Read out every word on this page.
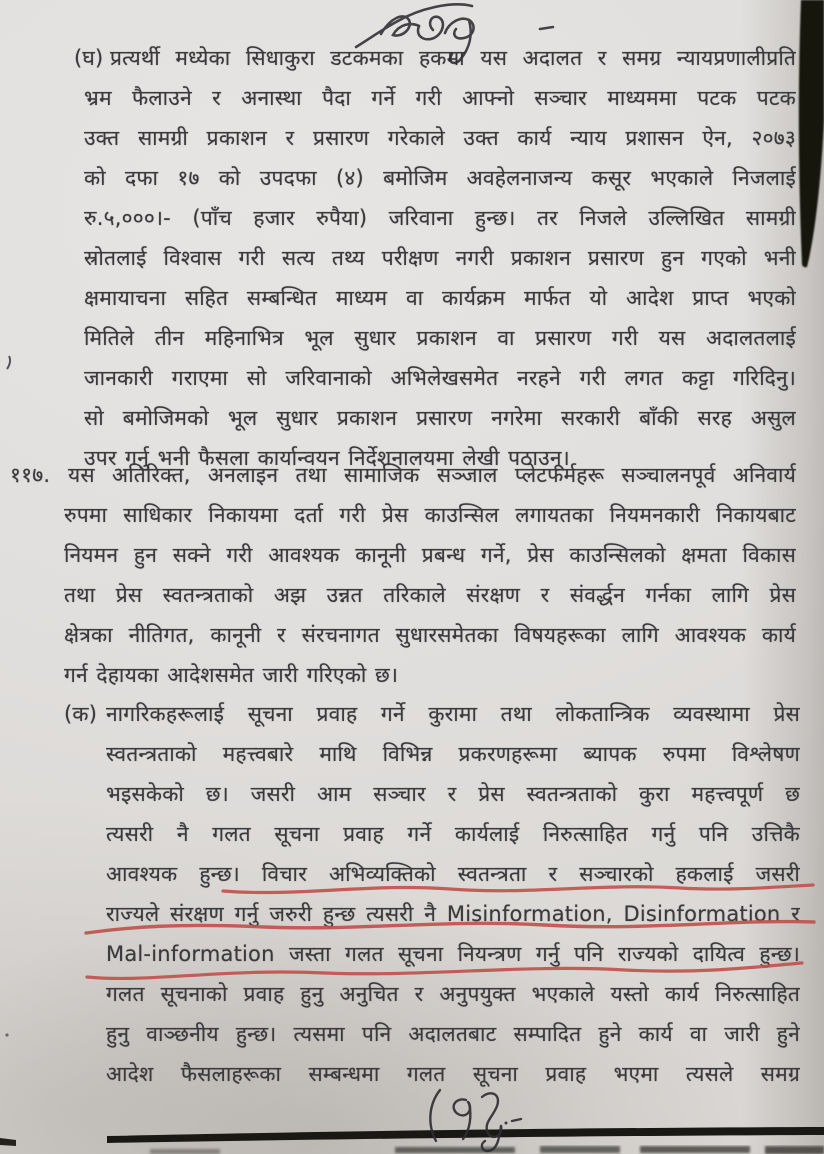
(घ) प्रत्यर्थी मध्येका सिधाकुरा डटकमका हकमा यस अदालत र समग्र न्यायप्रणालीप्रति
भ्रम फैलाउने र अनास्था पैदा गर्ने गरी आफ्नो सञ्चार माध्यममा पटक पटक
उक्त सामग्री प्रकाशन र प्रसारण गरेकाले उक्त कार्य न्याय प्रशासन ऐन, २०७३
को दफा १७ को उपदफा (४) बमोजिम अवहेलनाजन्य कसूर भएकाले निजलाई
रु.५,०००।- (पाँच हजार रुपैया) जरिवाना हुन्छ। तर निजले उल्लिखित सामग्री
स्रोतलाई विश्वास गरी सत्य तथ्य परीक्षण नगरी प्रकाशन प्रसारण हुन गएको भनी
क्षमायाचना सहित सम्बन्धित माध्यम वा कार्यक्रम मार्फत यो आदेश प्राप्त भएको
मितिले तीन महिनाभित्र भूल सुधार प्रकाशन वा प्रसारण गरी यस अदालतलाई
जानकारी गराएमा सो जरिवानाको अभिलेखसमेत नरहने गरी लगत कट्टा गरिदिनु।
सो बमोजिमको भूल सुधार प्रकाशन प्रसारण नगरेमा सरकारी बाँकी सरह असुल
उपर गर्नु भनी फैसला कार्यान्वयन निर्देशनालयमा लेखी पठाउनू।
११७. यस अतिरिक्त, अनलाइन तथा सामाजिक सञ्जाल प्लेटफर्महरू सञ्चालनपूर्व अनिवार्य
रुपमा साधिकार निकायमा दर्ता गरी प्रेस काउन्सिल लगायतका नियमनकारी निकायबाट
नियमन हुन सक्ने गरी आवश्यक कानूनी प्रबन्ध गर्ने, प्रेस काउन्सिलको क्षमता विकास
तथा प्रेस स्वतन्त्रताको अझ उन्नत तरिकाले संरक्षण र संवर्द्धन गर्नका लागि प्रेस
क्षेत्रका नीतिगत, कानूनी र संरचनागत सुधारसमेतका विषयहरूका लागि आवश्यक कार्य
गर्न देहायका आदेशसमेत जारी गरिएको छ।
(क) नागरिकहरूलाई सूचना प्रवाह गर्ने कुरामा तथा लोकतान्त्रिक व्यवस्थामा प्रेस
स्वतन्त्रताको महत्त्वबारे माथि विभिन्न प्रकरणहरूमा ब्यापक रुपमा विश्लेषण
भइसकेको छ। जसरी आम सञ्चार र प्रेस स्वतन्त्रताको कुरा महत्त्वपूर्ण छ
त्यसरी नै गलत सूचना प्रवाह गर्ने कार्यलाई निरुत्साहित गर्नु पनि उत्तिकै
आवश्यक हुन्छ। विचार अभिव्यक्तिको स्वतन्त्रता र सञ्चारको हकलाई जसरी
राज्यले संरक्षण गर्नु जरुरी हुन्छ त्यसरी नै Misinformation, Disinformation र
Mal-information जस्ता गलत सूचना नियन्त्रण गर्नु पनि राज्यको दायित्व हुन्छ।
गलत सूचनाको प्रवाह हुनु अनुचित र अनुपयुक्त भएकाले यस्तो कार्य निरुत्साहित
हुनु वाञ्छनीय हुन्छ। त्यसमा पनि अदालतबाट सम्पादित हुने कार्य वा जारी हुने
आदेश फैसलाहरूका सम्बन्धमा गलत सूचना प्रवाह भएमा त्यसले समग्र
